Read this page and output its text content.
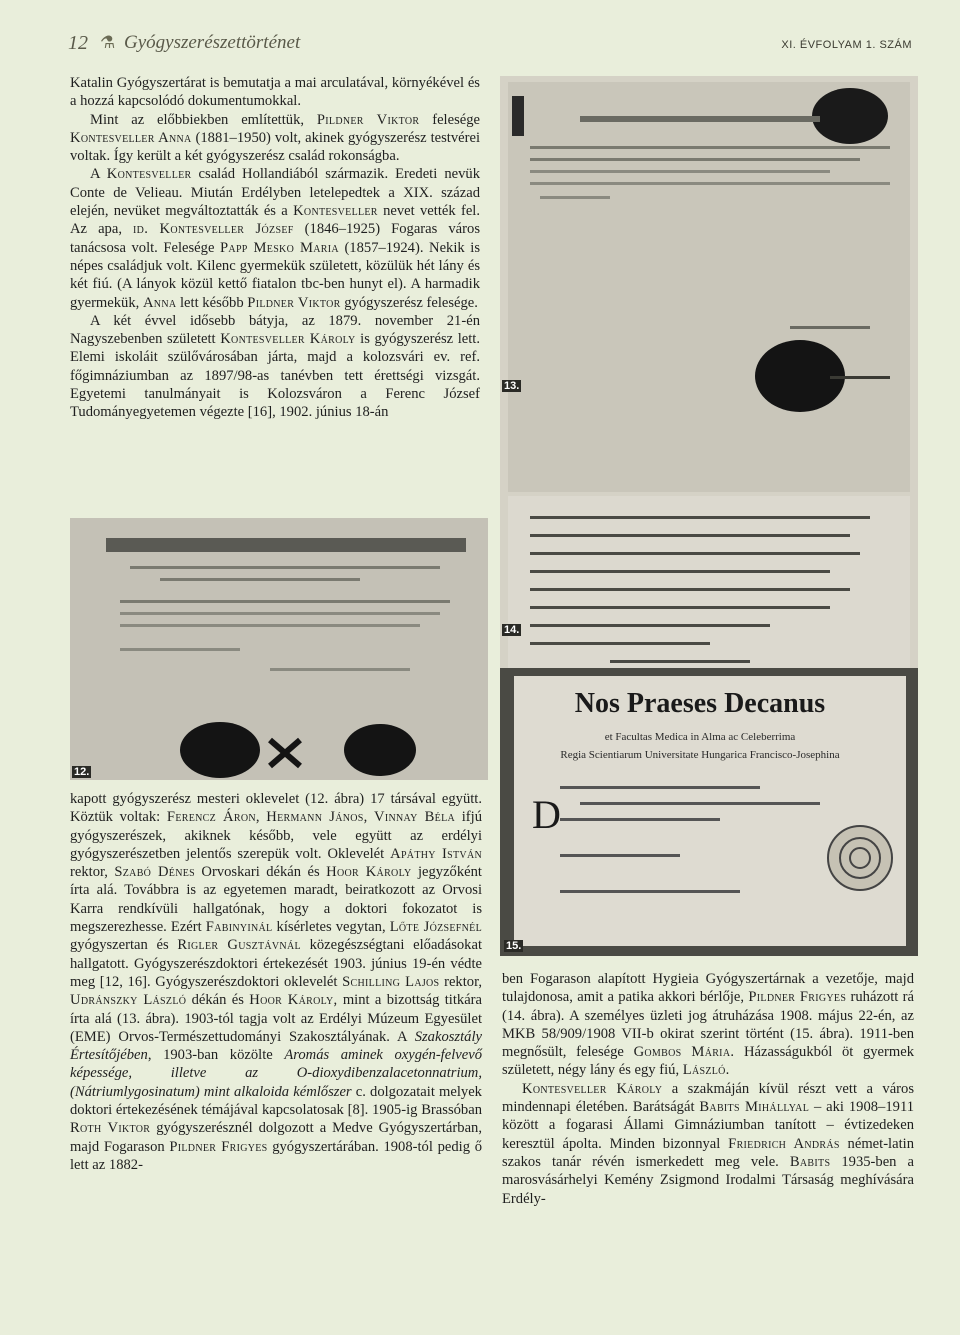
12 ⚗ Gyógyszerészettörténet	XI. ÉVFOLYAM 1. SZÁM

Katalin Gyógyszertárat is bemutatja a mai arculatával, környékével és a hozzá kapcsolódó dokumentumokkal.

Mint az előbbiekben említettük, Pildner Viktor felesége Kontesveller Anna (1881–1950) volt, akinek gyógyszerész testvérei voltak. Így került a két gyógyszerész család rokonságba.

A Kontesveller család Hollandiából származik. Eredeti nevük Conte de Velieau. Miután Erdélyben letelepedtek a XIX. század elején, nevüket megváltoztatták és a Kontesveller nevet vették fel. Az apa, id. Kontesveller József (1846–1925) Fogaras város tanácsosa volt. Felesége Papp Mesko Maria (1857–1924). Nekik is népes családjuk volt. Kilenc gyermekük született, közülük hét lány és két fiú. (A lányok közül kettő fiatalon tbc-ben hunyt el). A harmadik gyermekük, Anna lett később Pildner Viktor gyógyszerész felesége.

A két évvel idősebb bátyja, az 1879. november 21-én Nagyszebenben született Kontesveller Károly is gyógyszerész lett. Elemi iskoláit szülővárosában járta, majd a kolozsvári ev. ref. főgimnáziumban az 1897/98-as tanévben tett érettségi vizsgát. Egyetemi tanulmányait is Kolozsváron a Ferenc József Tudományegyetemen végezte [16], 1902. június 18-án

13.
14.
12.

kapott gyógyszerész mesteri oklevelet (12. ábra) 17 társával együtt. Köztük voltak: Ferencz Áron, Hermann János, Vinnay Béla ifjú gyógyszerészek, akiknek később, vele együtt az erdélyi gyógyszerészetben jelentős szerepük volt. Oklevelét Apáthy István rektor, Szabó Dénes Orvoskari dékán és Hoor Károly jegyzőként írta alá. Továbbra is az egyetemen maradt, beiratkozott az Orvosi Karra rendkívüli hallgatónak, hogy a doktori fokozatot is megszerezhesse. Ezért Fabinyinál kísérletes vegytan, Lőte Józsefnél gyógyszertan és Rigler Gusztávnál közegészségtani előadásokat hallgatott. Gyógyszerészdoktori értekezését 1903. június 19-én védte meg [12, 16]. Gyógyszerészdoktori oklevelét Schilling Lajos rektor, Udránszky László dékán és Hoor Károly, mint a bizottság titkára írta alá (13. ábra). 1903-tól tagja volt az Erdélyi Múzeum Egyesület (EME) Orvos-Természettudományi Szakosztályának. A Szakosztály Értesítőjében, 1903-ban közölte Aromás aminek oxygén-felvevő képessége, illetve az O-dioxydibenzalacetonnatrium, (Nátriumlygosinatum) mint alkaloida kémlőszer c. dolgozatait melyek doktori értekezésének témájával kapcsolatosak [8]. 1905-ig Brassóban Roth Viktor gyógyszerésznél dolgozott a Medve Gyógyszertárban, majd Fogarason Pildner Frigyes gyógyszertárában. 1908-tól pedig ő lett az 1882-

Nos Praeses Decanus
et Facultas Medica in Alma ac Celeberrima
Regia Scientiarum Universitate Hungarica Francisco-Josephina
D
15.

ben Fogarason alapított Hygieia Gyógyszertárnak a vezetője, majd tulajdonosa, amit a patika akkori bérlője, Pildner Frigyes ruházott rá (14. ábra). A személyes üzleti jog átruházása 1908. május 22-én, az MKB 58/909/1908 VII-b okirat szerint történt (15. ábra). 1911-ben megnősült, felesége Gombos Mária. Házasságukból öt gyermek született, négy lány és egy fiú, László.

Kontesveller Károly a szakmáján kívül részt vett a város mindennapi életében. Barátságát Babits Mihállyal – aki 1908–1911 között a fogarasi Állami Gimnáziumban tanított – évtizedeken keresztül ápolta. Minden bizonnyal Friedrich András német-latin szakos tanár révén ismerkedett meg vele. Babits 1935-ben a marosvásárhelyi Kemény Zsigmond Irodalmi Társaság meghívására Erdély-
